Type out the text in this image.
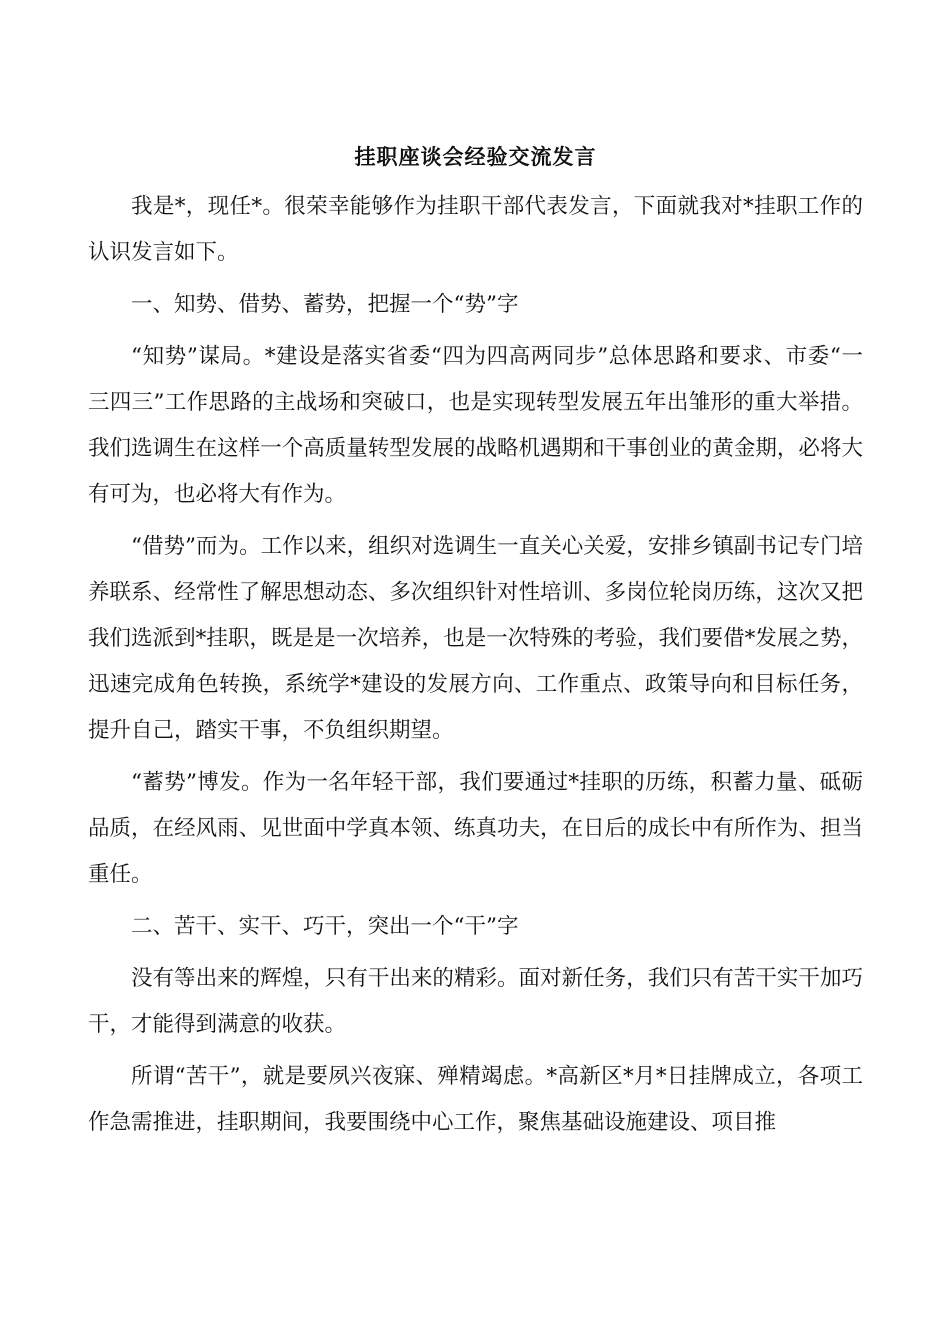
挂职座谈会经验交流发言

我是*，现任*。很荣幸能够作为挂职干部代表发言，下面就我对*挂职工作的认识发言如下。

一、知势、借势、蓄势，把握一个“势”字

“知势”谋局。*建设是落实省委“四为四高两同步”总体思路和要求、市委“一三四三”工作思路的主战场和突破口，也是实现转型发展五年出雏形的重大举措。我们选调生在这样一个高质量转型发展的战略机遇期和干事创业的黄金期，必将大有可为，也必将大有作为。

“借势”而为。工作以来，组织对选调生一直关心关爱，安排乡镇副书记专门培养联系、经常性了解思想动态、多次组织针对性培训、多岗位轮岗历练，这次又把我们选派到*挂职，既是是一次培养，也是一次特殊的考验，我们要借*发展之势，迅速完成角色转换，系统学*建设的发展方向、工作重点、政策导向和目标任务，提升自己，踏实干事，不负组织期望。

“蓄势”博发。作为一名年轻干部，我们要通过*挂职的历练，积蓄力量、砥砺品质，在经风雨、见世面中学真本领、练真功夫，在日后的成长中有所作为、担当重任。

二、苦干、实干、巧干，突出一个“干”字

没有等出来的辉煌，只有干出来的精彩。面对新任务，我们只有苦干实干加巧干，才能得到满意的收获。

所谓“苦干”，就是要夙兴夜寐、殚精竭虑。*高新区*月*日挂牌成立，各项工作急需推进，挂职期间，我要围绕中心工作，聚焦基础设施建设、项目推
